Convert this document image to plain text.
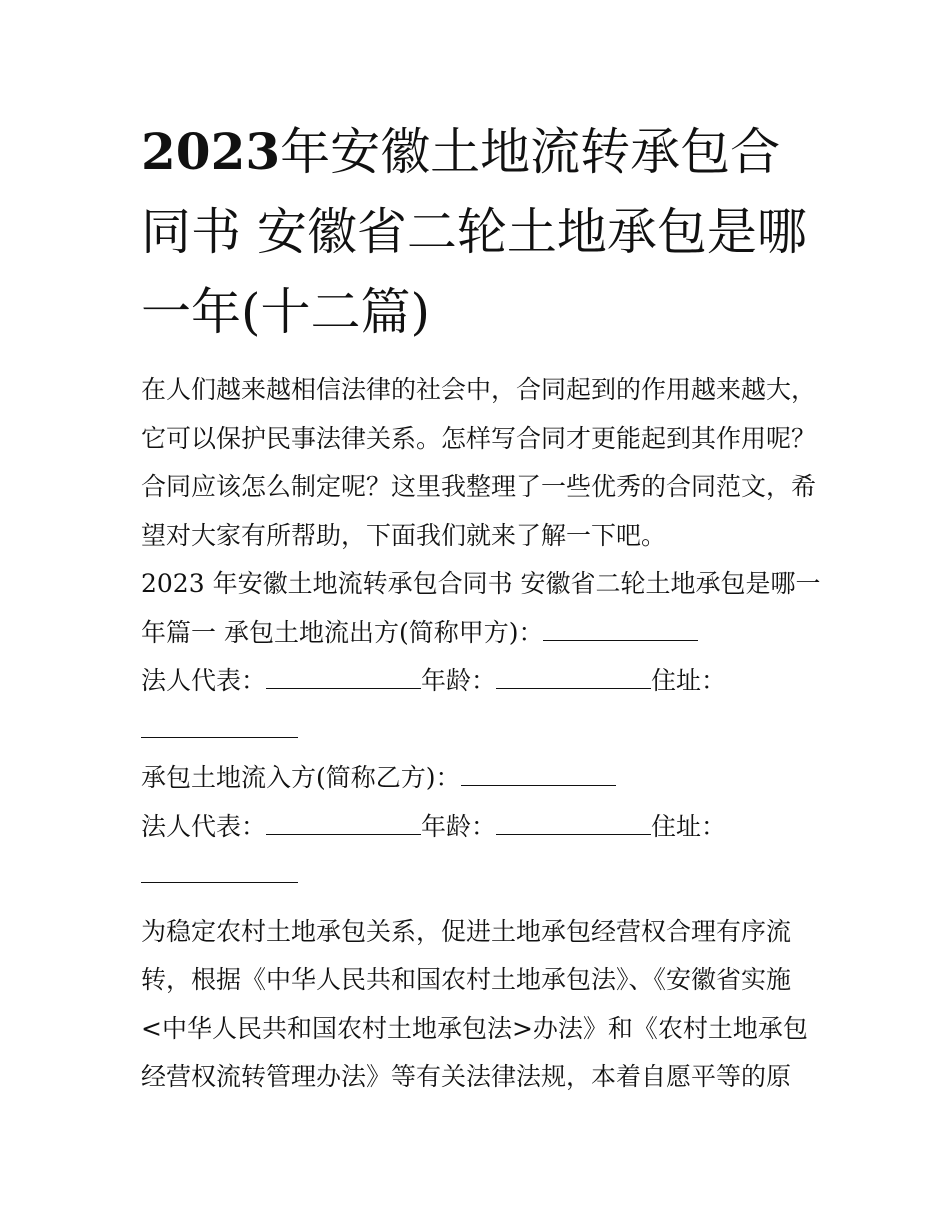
2023年安徽土地流转承包合同书 安徽省二轮土地承包是哪一年(十二篇)

在人们越来越相信法律的社会中，合同起到的作用越来越大，

它可以保护民事法律关系。怎样写合同才更能起到其作用呢？

合同应该怎么制定呢？这里我整理了一些优秀的合同范文，希

望对大家有所帮助，下面我们就来了解一下吧。

2023 年安徽土地流转承包合同书 安徽省二轮土地承包是哪一

年篇一 承包土地流出方(简称甲方)：

法人代表：	年龄：	住址：

承包土地流入方(简称乙方)：

法人代表：	年龄：	住址：

为稳定农村土地承包关系，促进土地承包经营权合理有序流

转，根据《中华人民共和国农村土地承包法》、《安徽省实施

<中华人民共和国农村土地承包法>办法》和《农村土地承包

经营权流转管理办法》等有关法律法规，本着自愿平等的原
